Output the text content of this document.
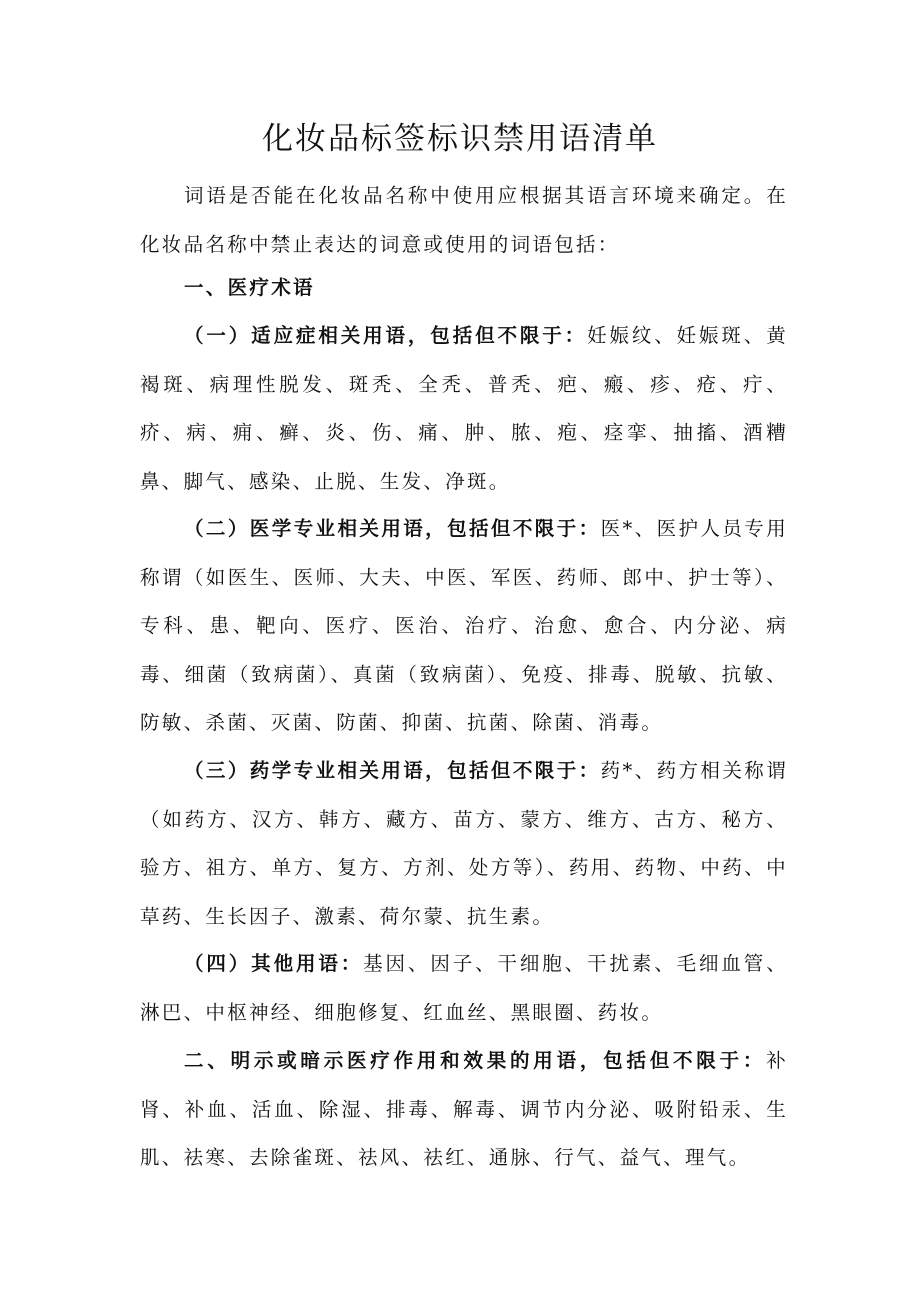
化妆品标签标识禁用语清单

词语是否能在化妆品名称中使用应根据其语言环境来确定。在化妆品名称中禁止表达的词意或使用的词语包括：

一、医疗术语

（一）适应症相关用语，包括但不限于：妊娠纹、妊娠斑、黄褐斑、病理性脱发、斑秃、全秃、普秃、疤、瘢、疹、疮、疔、疥、病、痈、癣、炎、伤、痛、肿、脓、疱、痉挛、抽搐、酒糟鼻、脚气、感染、止脱、生发、净斑。

（二）医学专业相关用语，包括但不限于：医*、医护人员专用称谓（如医生、医师、大夫、中医、军医、药师、郎中、护士等）、专科、患、靶向、医疗、医治、治疗、治愈、愈合、内分泌、病毒、细菌（致病菌）、真菌（致病菌）、免疫、排毒、脱敏、抗敏、防敏、杀菌、灭菌、防菌、抑菌、抗菌、除菌、消毒。

（三）药学专业相关用语，包括但不限于：药*、药方相关称谓（如药方、汉方、韩方、藏方、苗方、蒙方、维方、古方、秘方、验方、祖方、单方、复方、方剂、处方等）、药用、药物、中药、中草药、生长因子、激素、荷尔蒙、抗生素。

（四）其他用语：基因、因子、干细胞、干扰素、毛细血管、淋巴、中枢神经、细胞修复、红血丝、黑眼圈、药妆。

二、明示或暗示医疗作用和效果的用语，包括但不限于：补肾、补血、活血、除湿、排毒、解毒、调节内分泌、吸附铅汞、生肌、祛寒、去除雀斑、祛风、祛红、通脉、行气、益气、理气。
